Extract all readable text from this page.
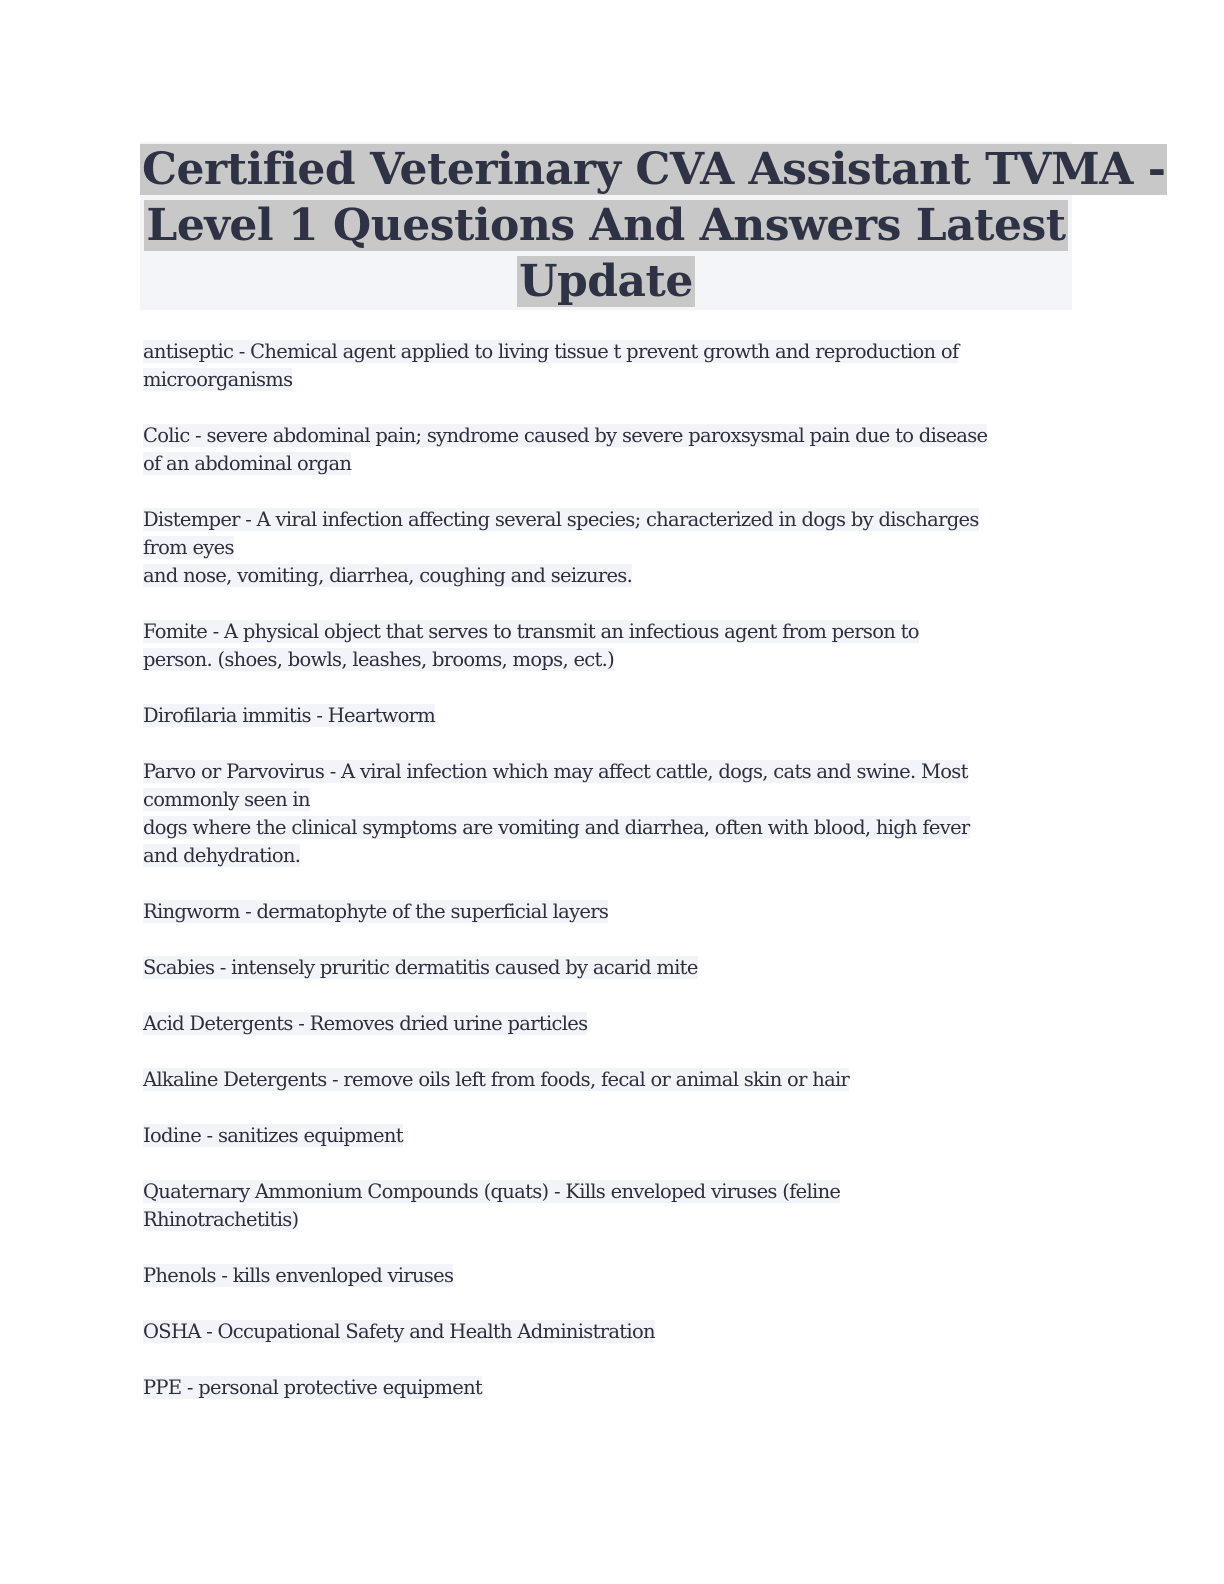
Certified Veterinary CVA Assistant TVMA -
Level 1 Questions And Answers Latest
Update
antiseptic - Chemical agent applied to living tissue t prevent growth and reproduction of
microorganisms
Colic - severe abdominal pain; syndrome caused by severe paroxsysmal pain due to disease
of an abdominal organ
Distemper - A viral infection affecting several species; characterized in dogs by discharges
from eyes
and nose, vomiting, diarrhea, coughing and seizures.
Fomite - A physical object that serves to transmit an infectious agent from person to
person. (shoes, bowls, leashes, brooms, mops, ect.)
Dirofilaria immitis - Heartworm
Parvo or Parvovirus - A viral infection which may affect cattle, dogs, cats and swine. Most
commonly seen in
dogs where the clinical symptoms are vomiting and diarrhea, often with blood, high fever
and dehydration.
Ringworm - dermatophyte of the superficial layers
Scabies - intensely pruritic dermatitis caused by acarid mite
Acid Detergents - Removes dried urine particles
Alkaline Detergents - remove oils left from foods, fecal or animal skin or hair
Iodine - sanitizes equipment
Quaternary Ammonium Compounds (quats) - Kills enveloped viruses (feline
Rhinotrachetitis)
Phenols - kills envenloped viruses
OSHA - Occupational Safety and Health Administration
PPE - personal protective equipment
